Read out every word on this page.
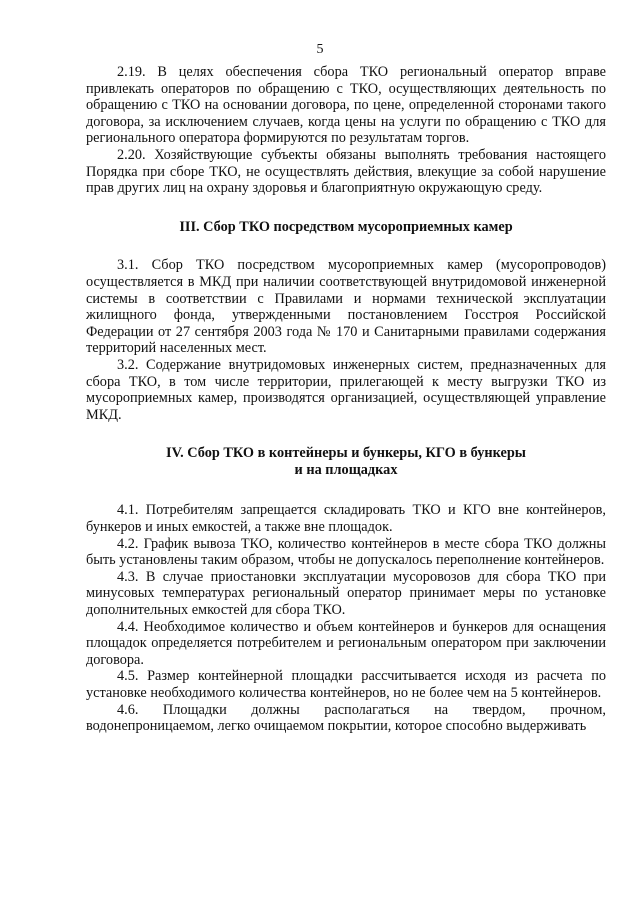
5

2.19. В целях обеспечения сбора ТКО региональный оператор вправе привлекать операторов по обращению с ТКО, осуществляющих деятельность по обращению с ТКО на основании договора, по цене, определенной сторонами такого договора, за исключением случаев, когда цены на услуги по обращению с ТКО для регионального оператора формируются по результатам торгов.

2.20. Хозяйствующие субъекты обязаны выполнять требования настоящего Порядка при сборе ТКО, не осуществлять действия, влекущие за собой нарушение прав других лиц на охрану здоровья и благоприятную окружающую среду.

III. Сбор ТКО посредством мусороприемных камер

3.1. Сбор ТКО посредством мусороприемных камер (мусоропроводов) осуществляется в МКД при наличии соответствующей внутридомовой инженерной системы в соответствии с Правилами и нормами технической эксплуатации жилищного фонда, утвержденными постановлением Госстроя Российской Федерации от 27 сентября 2003 года № 170 и Санитарными правилами содержания территорий населенных мест.

3.2. Содержание внутридомовых инженерных систем, предназначенных для сбора ТКО, в том числе территории, прилегающей к месту выгрузки ТКО из мусороприемных камер, производятся организацией, осуществляющей управление МКД.

IV. Сбор ТКО в контейнеры и бункеры, КГО в бункеры

и на площадках

4.1. Потребителям запрещается складировать ТКО и КГО вне контейнеров, бункеров и иных емкостей, а также вне площадок.

4.2. График вывоза ТКО, количество контейнеров в месте сбора ТКО должны быть установлены таким образом, чтобы не допускалось переполнение контейнеров.

4.3. В случае приостановки эксплуатации мусоровозов для сбора ТКО при минусовых температурах региональный оператор принимает меры по установке дополнительных емкостей для сбора ТКО.

4.4. Необходимое количество и объем контейнеров и бункеров для оснащения площадок определяется потребителем и региональным оператором при заключении договора.

4.5. Размер контейнерной площадки рассчитывается исходя из расчета по установке необходимого количества контейнеров, но не более чем на 5 контейнеров.

4.6. Площадки должны располагаться на твердом, прочном, водонепроницаемом, легко очищаемом покрытии, которое способно выдерживать
